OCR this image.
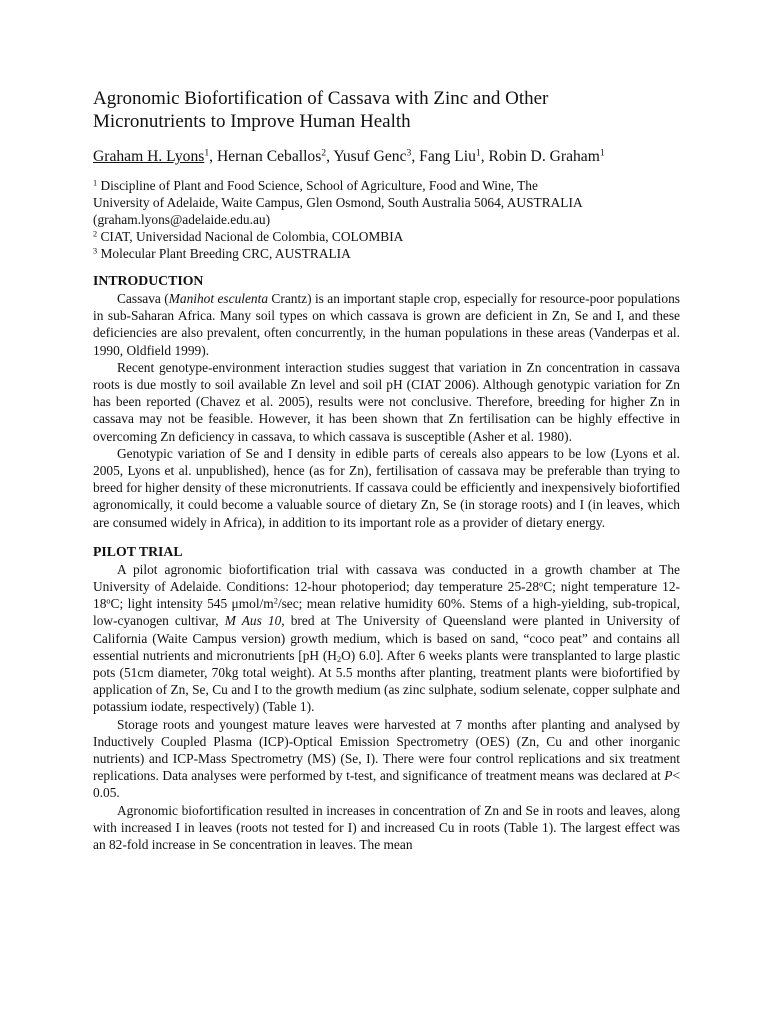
Agronomic Biofortification of Cassava with Zinc and Other
Micronutrients to Improve Human Health
Graham H. Lyons$^1$, Hernan Ceballos$^2$, Yusuf Genc$^3$, Fang Liu$^1$, Robin D. Graham$^1$
$^1$ Discipline of Plant and Food Science, School of Agriculture, Food and Wine, The
University of Adelaide, Waite Campus, Glen Osmond, South Australia 5064, AUSTRALIA
(graham.lyons@adelaide.edu.au)
$^2$ CIAT, Universidad Nacional de Colombia, COLOMBIA
$^3$ Molecular Plant Breeding CRC, AUSTRALIA
INTRODUCTION

Cassava (Manihot esculenta Crantz) is an important staple crop, especially for resource-poor populations in sub-Saharan Africa. Many soil types on which cassava is grown are deficient in Zn, Se and I, and these deficiencies are also prevalent, often concurrently, in the human populations in these areas (Vanderpas et al. 1990, Oldfield 1999).

Recent genotype-environment interaction studies suggest that variation in Zn concentration in cassava roots is due mostly to soil available Zn level and soil pH (CIAT 2006). Although genotypic variation for Zn has been reported (Chavez et al. 2005), results were not conclusive. Therefore, breeding for higher Zn in cassava may not be feasible. However, it has been shown that Zn fertilisation can be highly effective in overcoming Zn deficiency in cassava, to which cassava is susceptible (Asher et al. 1980).

Genotypic variation of Se and I density in edible parts of cereals also appears to be low (Lyons et al. 2005, Lyons et al. unpublished), hence (as for Zn), fertilisation of cassava may be preferable than trying to breed for higher density of these micronutrients. If cassava could be efficiently and inexpensively biofortified agronomically, it could become a valuable source of dietary Zn, Se (in storage roots) and I (in leaves, which are consumed widely in Africa), in addition to its important role as a provider of dietary energy.

PILOT TRIAL

A pilot agronomic biofortification trial with cassava was conducted in a growth chamber at The University of Adelaide. Conditions: 12-hour photoperiod; day temperature 25-28$^o$C; night temperature 12-18$^o$C; light intensity 545 μmol/$m^2/\sec$; mean relative humidity 60%. Stems of a high-yielding, sub-tropical, low-cyanogen cultivar, M Aus 10, bred at The University of Queensland were planted in University of California (Waite Campus version) growth medium, which is based on sand, “coco peat” and contains all essential nutrients and micronutrients [pH $(H_2O)$ 6.0]. After 6 weeks plants were transplanted to large plastic pots (51cm diameter, 70kg total weight). At 5.5 months after planting, treatment plants were biofortified by application of Zn, Se, Cu and I to the growth medium (as zinc sulphate, sodium selenate, copper sulphate and potassium iodate, respectively) (Table 1).

Storage roots and youngest mature leaves were harvested at 7 months after planting and analysed by Inductively Coupled Plasma (ICP)-Optical Emission Spectrometry (OES) (Zn, Cu and other inorganic nutrients) and ICP-Mass Spectrometry (MS) (Se, I). There were four control replications and six treatment replications. Data analyses were performed by t-test, and significance of treatment means was declared at P< 0.05.

Agronomic biofortification resulted in increases in concentration of Zn and Se in roots and leaves, along with increased I in leaves (roots not tested for I) and increased Cu in roots (Table 1). The largest effect was an 82-fold increase in Se concentration in leaves. The mean
